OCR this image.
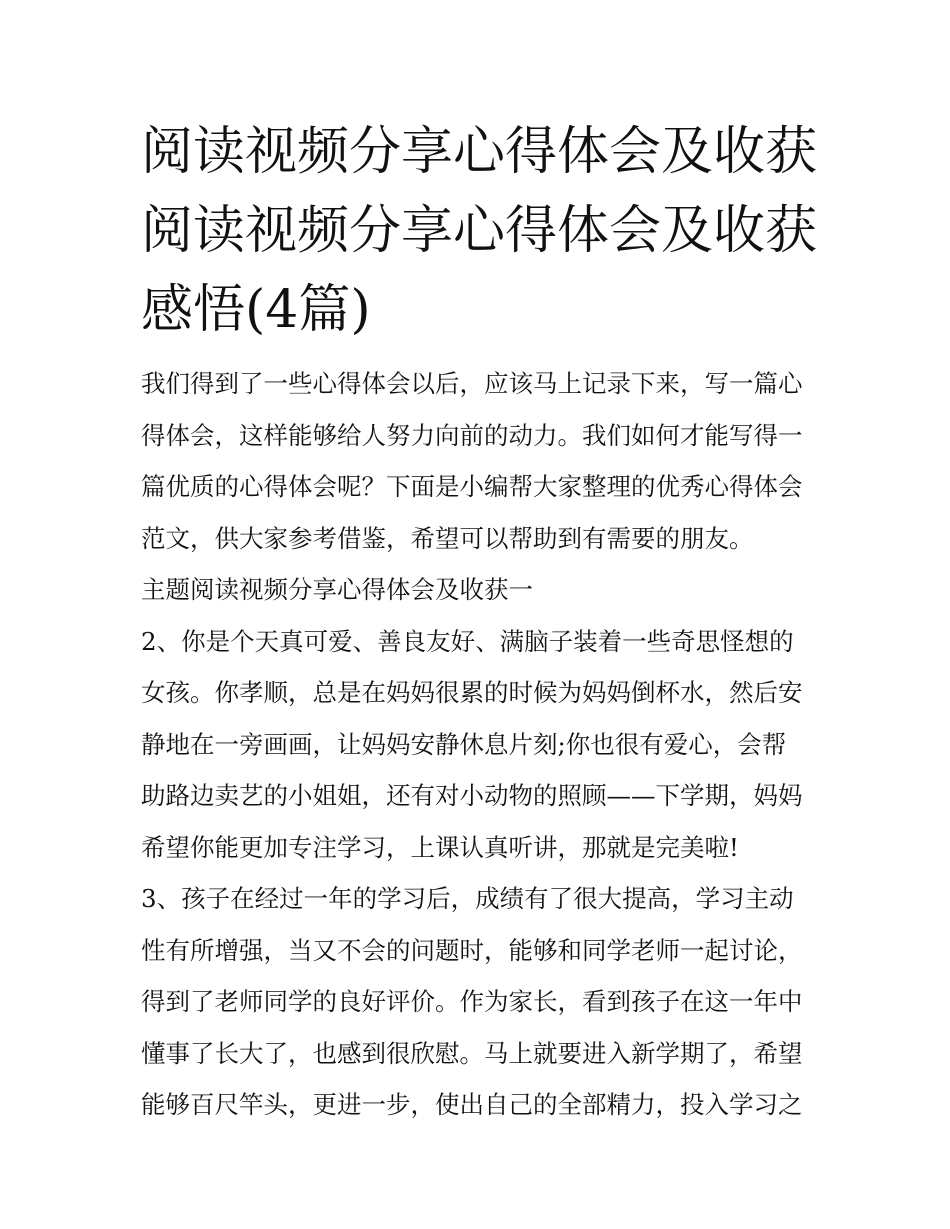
阅读视频分享心得体会及收获
阅读视频分享心得体会及收获
感悟(4篇)
我们得到了一些心得体会以后，应该马上记录下来，写一篇心
得体会，这样能够给人努力向前的动力。我们如何才能写得一
篇优质的心得体会呢？下面是小编帮大家整理的优秀心得体会
范文，供大家参考借鉴，希望可以帮助到有需要的朋友。
主题阅读视频分享心得体会及收获一
2、你是个天真可爱、善良友好、满脑子装着一些奇思怪想的
女孩。你孝顺，总是在妈妈很累的时候为妈妈倒杯水，然后安
静地在一旁画画，让妈妈安静休息片刻;你也很有爱心，会帮
助路边卖艺的小姐姐，还有对小动物的照顾——下学期，妈妈
希望你能更加专注学习，上课认真听讲，那就是完美啦!
3、孩子在经过一年的学习后，成绩有了很大提高，学习主动
性有所增强，当又不会的问题时，能够和同学老师一起讨论，
得到了老师同学的良好评价。作为家长，看到孩子在这一年中
懂事了长大了，也感到很欣慰。马上就要进入新学期了，希望
能够百尺竿头，更进一步，使出自己的全部精力，投入学习之
